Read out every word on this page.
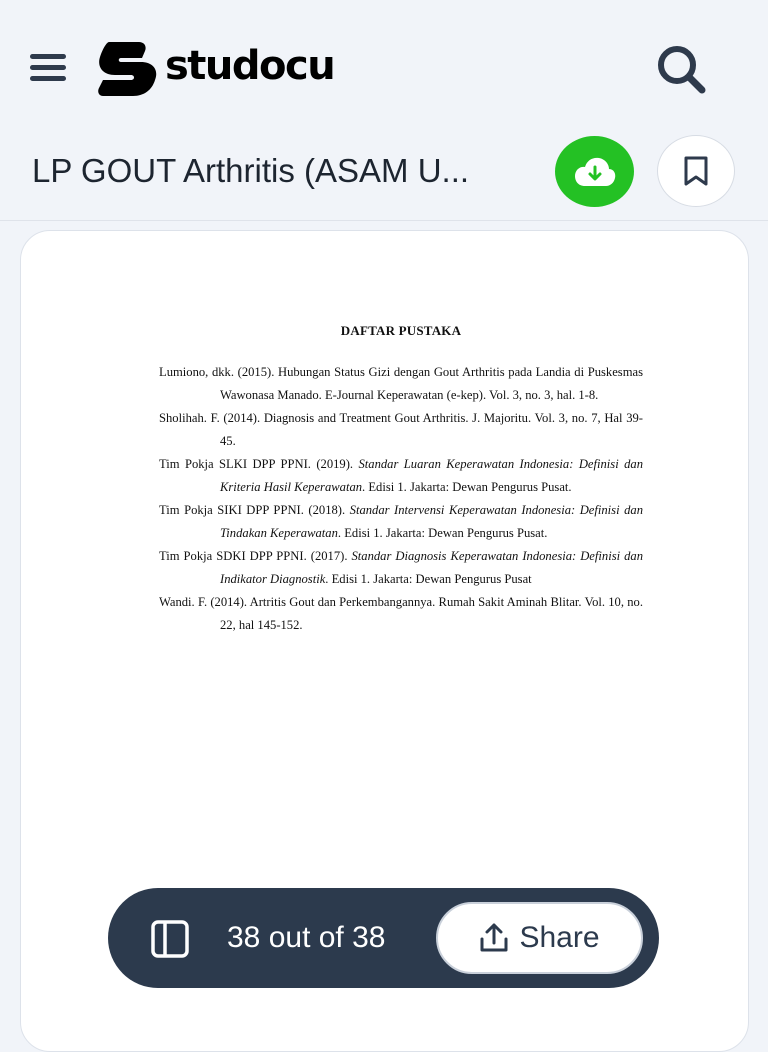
studocu
LP GOUT Arthritis (ASAM U...

DAFTAR PUSTAKA

Lumiono, dkk. (2015). Hubungan Status Gizi dengan Gout Arthritis pada Landia di Puskesmas Wawonasa Manado. E-Journal Keperawatan (e-kep). Vol. 3, no. 3, hal. 1-8.

Sholihah. F. (2014). Diagnosis and Treatment Gout Arthritis. J. Majoritu. Vol. 3, no. 7, Hal 39-45.

Tim Pokja SLKI DPP PPNI. (2019). Standar Luaran Keperawatan Indonesia: Definisi dan Kriteria Hasil Keperawatan. Edisi 1. Jakarta: Dewan Pengurus Pusat.

Tim Pokja SIKI DPP PPNI. (2018). Standar Intervensi Keperawatan Indonesia: Definisi dan Tindakan Keperawatan. Edisi 1. Jakarta: Dewan Pengurus Pusat.

Tim Pokja SDKI DPP PPNI. (2017). Standar Diagnosis Keperawatan Indonesia: Definisi dan Indikator Diagnostik. Edisi 1. Jakarta: Dewan Pengurus Pusat

Wandi. F. (2014). Artritis Gout dan Perkembangannya. Rumah Sakit Aminah Blitar. Vol. 10, no. 22, hal 145-152.

38 out of 38	Share
